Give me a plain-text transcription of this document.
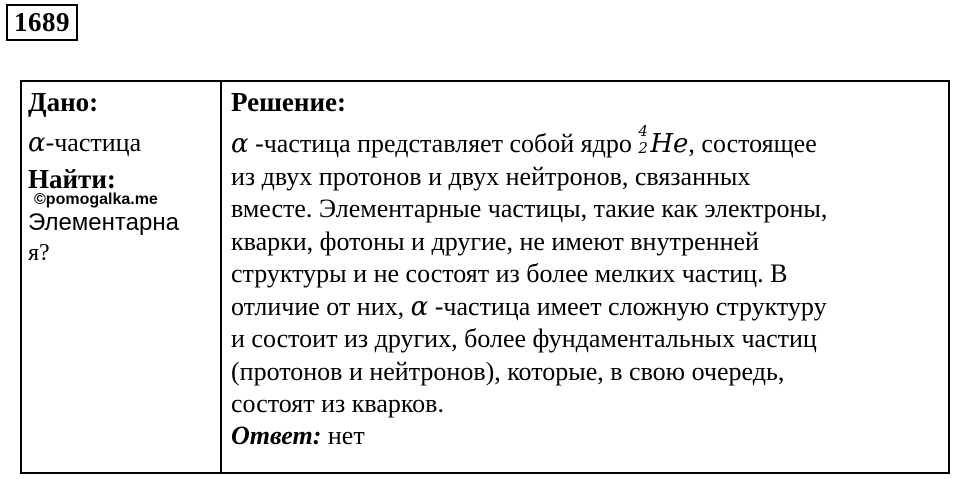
1689
Дано:
α-частица
Найти:
©pomogalka.me
Элементарна
я?
Решение:
α -частица представляет собой ядро 4
2 He, состоящее
из двух протонов и двух нейтронов, связанных
вместе. Элементарные частицы, такие как электроны,
кварки, фотоны и другие, не имеют внутренней
структуры и не состоят из более мелких частиц. В
отличие от них, α -частица имеет сложную структуру
и состоит из других, более фундаментальных частиц
(протонов и нейтронов), которые, в свою очередь,
состоят из кварков.
Ответ: нет
